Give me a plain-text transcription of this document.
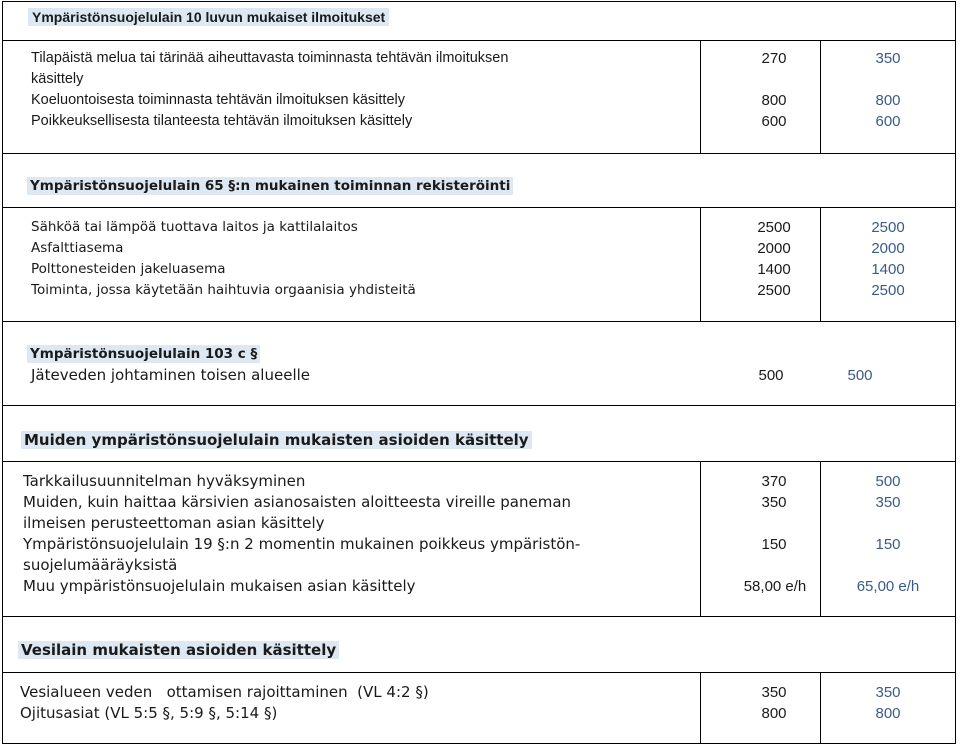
Ympäristönsuojelulain 10 luvun mukaiset ilmoitukset
Tilapäistä melua tai tärinää aiheuttavasta toiminnasta tehtävän ilmoituksen
käsittely
Koeluontoisesta toiminnasta tehtävän ilmoituksen käsittely
Poikkeuksellisesta tilanteesta tehtävän ilmoituksen käsittely
270
800
600
350
800
600
Ympäristönsuojelulain 65 §:n mukainen toiminnan rekisteröinti
Sähköä tai lämpöä tuottava laitos ja kattilalaitos
Asfalttiasema
Polttonesteiden jakeluasema
Toiminta, jossa käytetään haihtuvia orgaanisia yhdisteitä
2500
2000
1400
2500
2500
2000
1400
2500
Ympäristönsuojelulain 103 c §
Jäteveden johtaminen toisen alueelle	500	500
Muiden ympäristönsuojelulain mukaisten asioiden käsittely
Tarkkailusuunnitelman hyväksyminen
Muiden, kuin haittaa kärsivien asianosaisten aloitteesta vireille paneman
ilmeisen perusteettoman asian käsittely
Ympäristönsuojelulain 19 §:n 2 momentin mukainen poikkeus ympäristön-
suojelumääräyksistä
Muu ympäristönsuojelulain mukaisen asian käsittely
370
350
150
58,00 e/h
500
350
150
65,00 e/h
Vesilain mukaisten asioiden käsittely
Vesialueen veden   ottamisen rajoittaminen  (VL 4:2 §)
Ojitusasiat (VL 5:5 §, 5:9 §, 5:14 §)
350
800
350
800
